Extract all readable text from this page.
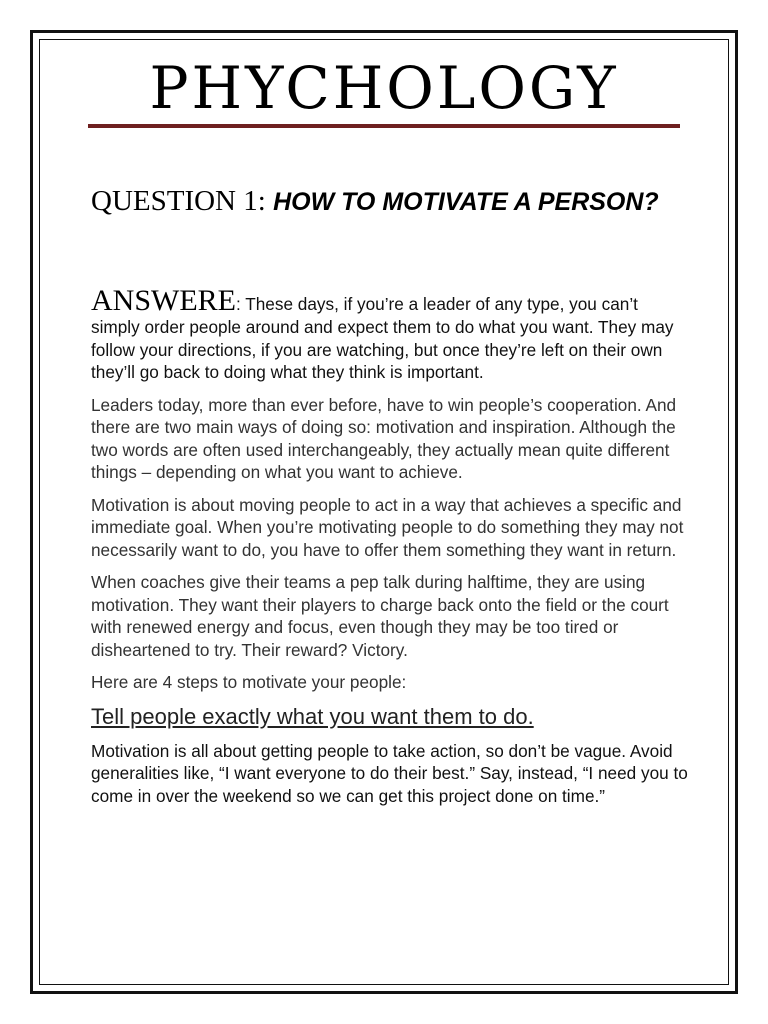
PHYCHOLOGY
QUESTION 1: HOW TO MOTIVATE A PERSON?

ANSWERE: These days, if you’re a leader of any type, you can’t simply order people around and expect them to do what you want. They may follow your directions, if you are watching, but once they’re left on their own they’ll go back to doing what they think is important.

Leaders today, more than ever before, have to win people’s cooperation. And there are two main ways of doing so: motivation and inspiration. Although the two words are often used interchangeably, they actually mean quite different things – depending on what you want to achieve.

Motivation is about moving people to act in a way that achieves a specific and immediate goal. When you’re motivating people to do something they may not necessarily want to do, you have to offer them something they want in return.

When coaches give their teams a pep talk during halftime, they are using motivation. They want their players to charge back onto the field or the court with renewed energy and focus, even though they may be too tired or disheartened to try. Their reward? Victory.

Here are 4 steps to motivate your people:

Tell people exactly what you want them to do.

Motivation is all about getting people to take action, so don’t be vague. Avoid generalities like, “I want everyone to do their best.” Say, instead, “I need you to come in over the weekend so we can get this project done on time.”
